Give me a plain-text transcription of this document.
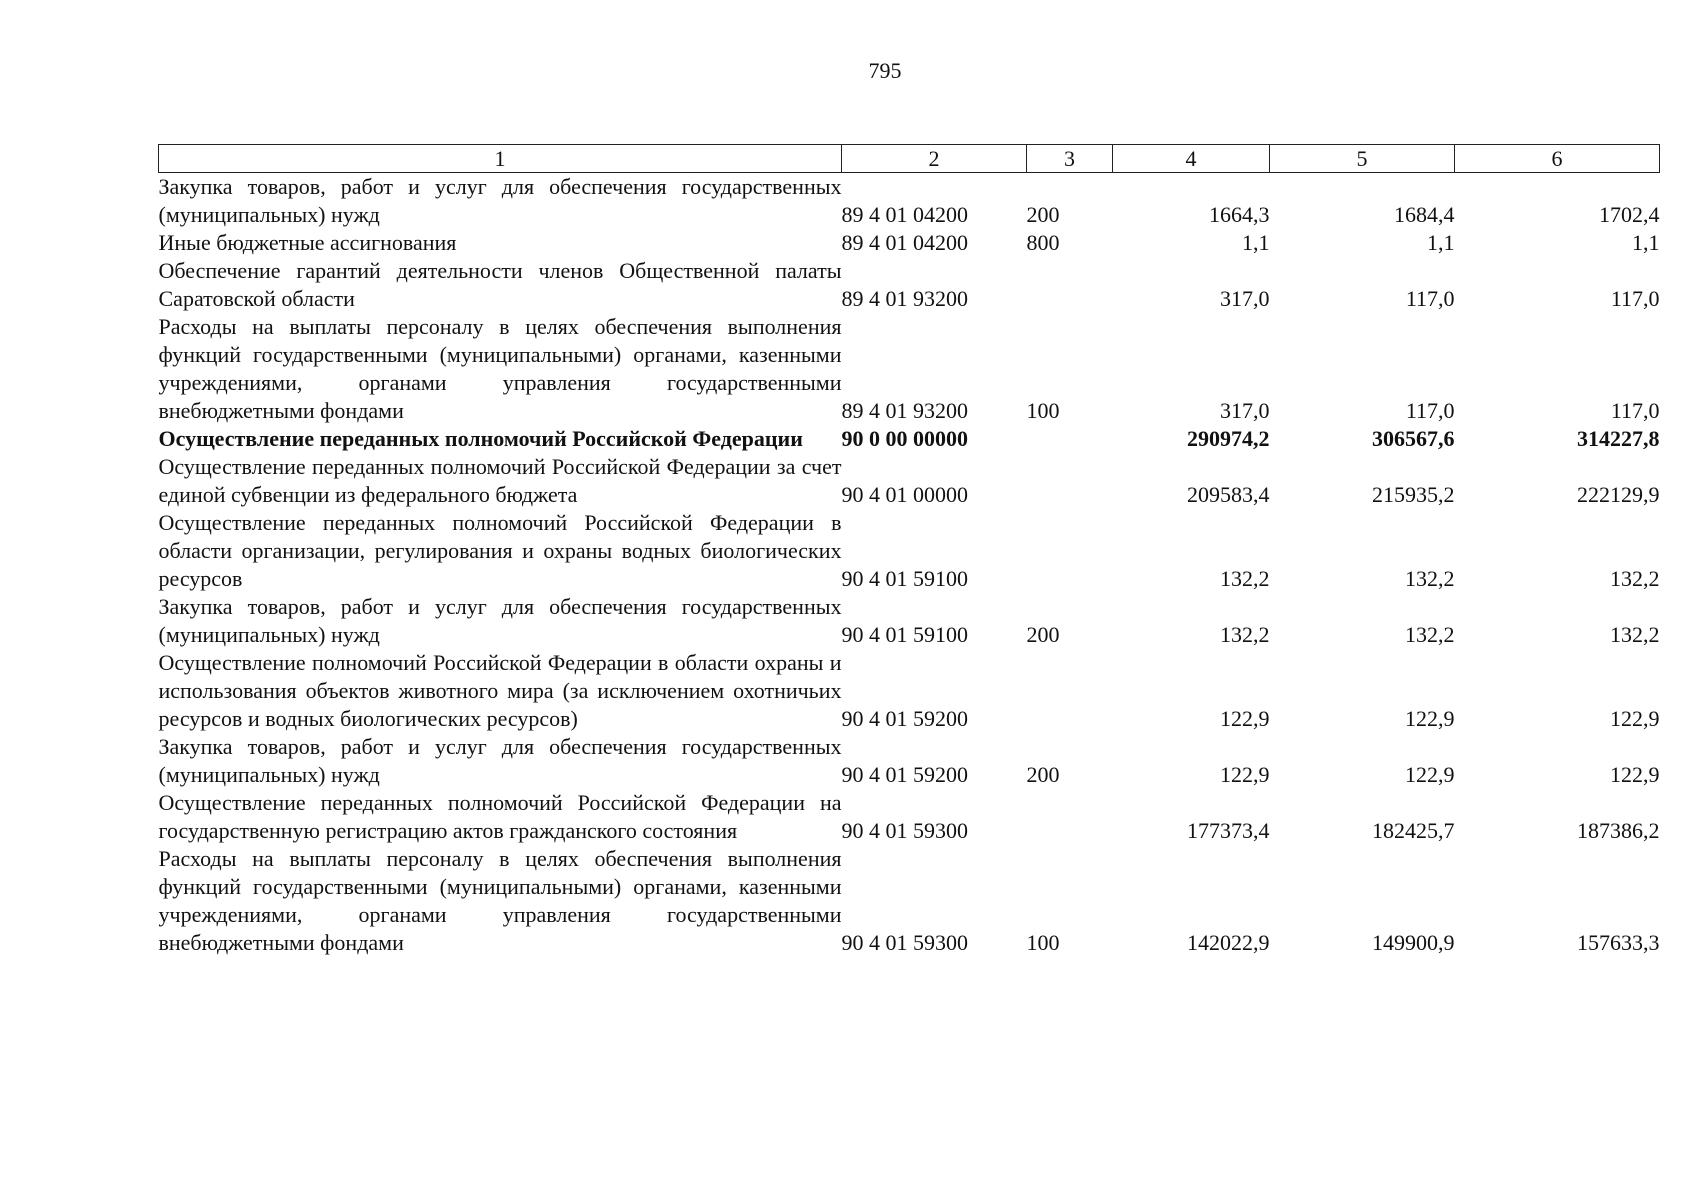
795
1	2	3	4	5	6
Закупка товаров, работ и услуг для обеспечения государственных (муниципальных) нужд	89 4 01 04200	200	1664,3	1684,4	1702,4
Иные бюджетные ассигнования	89 4 01 04200	800	1,1	1,1	1,1
Обеспечение гарантий деятельности членов Общественной палаты Саратовской области	89 4 01 93200		317,0	117,0	117,0
Расходы на выплаты персоналу в целях обеспечения выполнения функций государственными (муниципальными) органами, казенными учреждениями, органами управления государственными внебюджетными фондами	89 4 01 93200	100	317,0	117,0	117,0
Осуществление переданных полномочий Российской Федерации	90 0 00 00000		290974,2	306567,6	314227,8
Осуществление переданных полномочий Российской Федерации за счет единой субвенции из федерального бюджета	90 4 01 00000		209583,4	215935,2	222129,9
Осуществление переданных полномочий Российской Федерации в области организации, регулирования и охраны водных биологических ресурсов	90 4 01 59100		132,2	132,2	132,2
Закупка товаров, работ и услуг для обеспечения государственных (муниципальных) нужд	90 4 01 59100	200	132,2	132,2	132,2
Осуществление полномочий Российской Федерации в области охраны и использования объектов животного мира (за исключением охотничьих ресурсов и водных биологических ресурсов)	90 4 01 59200		122,9	122,9	122,9
Закупка товаров, работ и услуг для обеспечения государственных (муниципальных) нужд	90 4 01 59200	200	122,9	122,9	122,9
Осуществление переданных полномочий Российской Федерации на государственную регистрацию актов гражданского состояния	90 4 01 59300		177373,4	182425,7	187386,2
Расходы на выплаты персоналу в целях обеспечения выполнения функций государственными (муниципальными) органами, казенными учреждениями, органами управления государственными внебюджетными фондами	90 4 01 59300	100	142022,9	149900,9	157633,3
